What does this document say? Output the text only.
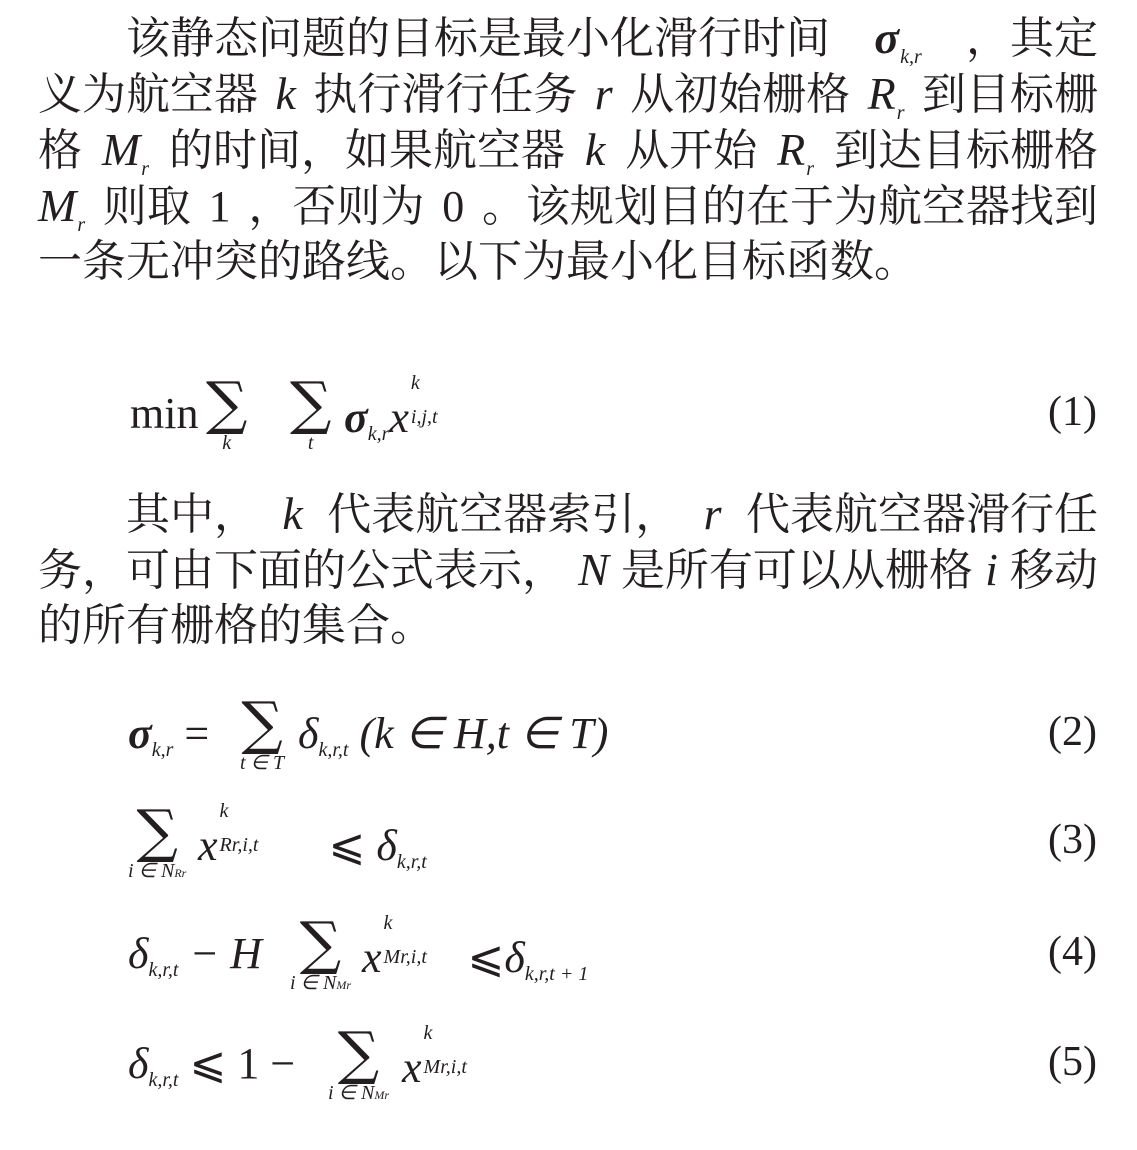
该静态问题的目标是最小化滑行时间 $\sigma_{k,r}$ ，其定
义为航空器 k 执行滑行任务 r 从初始栅格 $R_r$ 到目标栅
格 $M_r$ 的时间，如果航空器 k 从开始 $R_r$ 到达目标栅格
$M_r$ 则取 1 ，否则为 0 。该规划目的在于为航空器找到
一条无冲突的路线。以下为最小化目标函数。
min ∑
k
∑
t
σk,rx
k
i,j,t	(1)
其中， k 代表航空器索引， r 代表航空器滑行任
务，可由下面的公式表示， N 是所有可以从栅格 i 移动
的所有栅格的集合。
σk,r = ∑
t ∈ T
δk,r,t (k ∈ H,t ∈ T)	(2)
∑
i ∈ NRr
x
k
Rr,i,t ⩽ δk,r,t	(3)
δk,r,t − H ∑
i ∈ NMr
x
k
Mr,i,t ⩽δk,r,t + 1	(4)
δk,r,t ⩽ 1 − ∑
i ∈ NMr
x
k
Mr,i,t	(5)
